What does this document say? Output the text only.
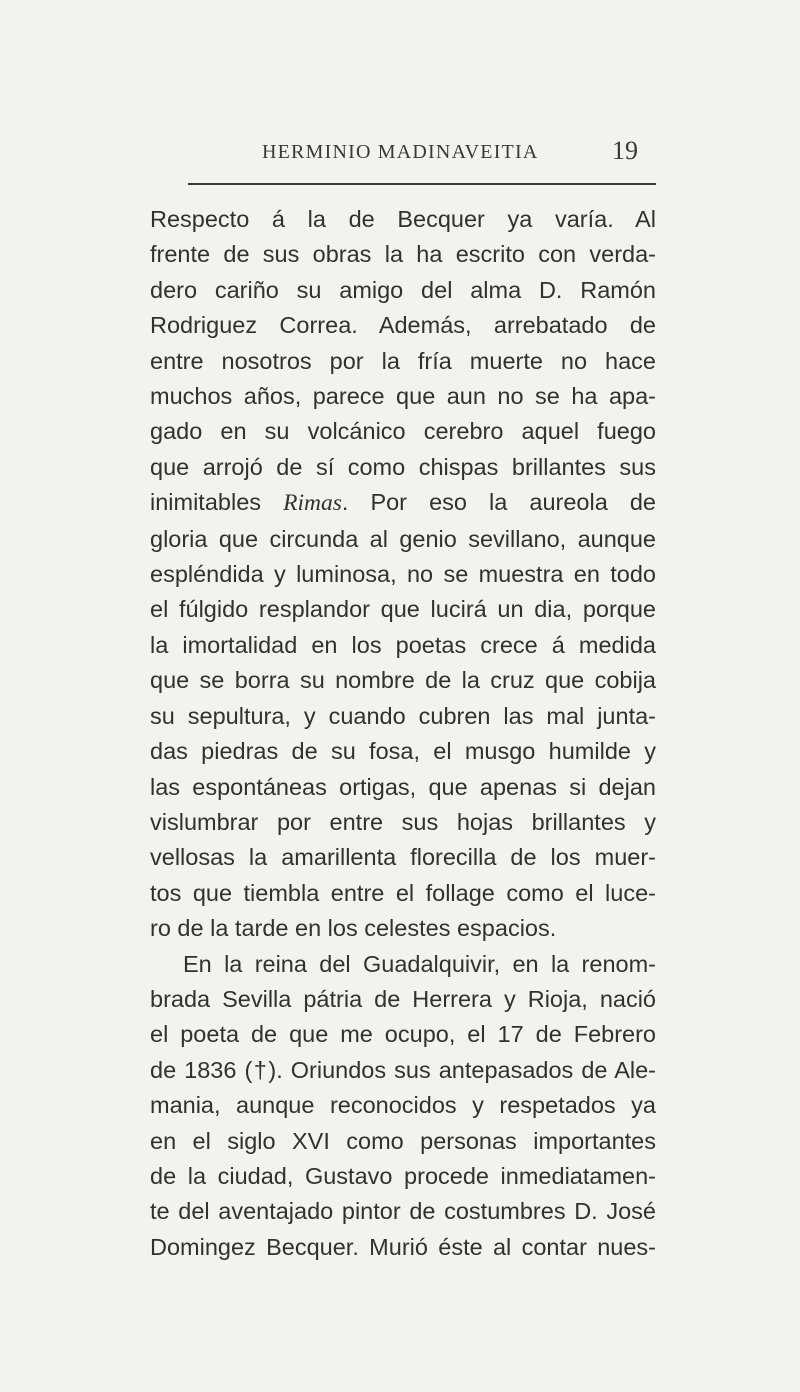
HERMINIO MADINAVEITIA	19
Respecto á la de Becquer ya varía. Al
frente de sus obras la ha escrito con verda-
dero cariño su amigo del alma D. Ramón
Rodriguez Correa. Además, arrebatado de
entre nosotros por la fría muerte no hace
muchos años, parece que aun no se ha apa-
gado en su volcánico cerebro aquel fuego
que arrojó de sí como chispas brillantes sus
inimitables Rimas. Por eso la aureola de
gloria que circunda al genio sevillano, aunque
espléndida y luminosa, no se muestra en todo
el fúlgido resplandor que lucirá un dia, porque
la imortalidad en los poetas crece á medida
que se borra su nombre de la cruz que cobija
su sepultura, y cuando cubren las mal junta-
das piedras de su fosa, el musgo humilde y
las espontáneas ortigas, que apenas si dejan
vislumbrar por entre sus hojas brillantes y
vellosas la amarillenta florecilla de los muer-
tos que tiembla entre el follage como el luce-
ro de la tarde en los celestes espacios.
En la reina del Guadalquivir, en la renom-
brada Sevilla pátria de Herrera y Rioja, nació
el poeta de que me ocupo, el 17 de Febrero
de 1836 (†). Oriundos sus antepasados de Ale-
mania, aunque reconocidos y respetados ya
en el siglo XVI como personas importantes
de la ciudad, Gustavo procede inmediatamen-
te del aventajado pintor de costumbres D. José
Domingez Becquer. Murió éste al contar nues-
